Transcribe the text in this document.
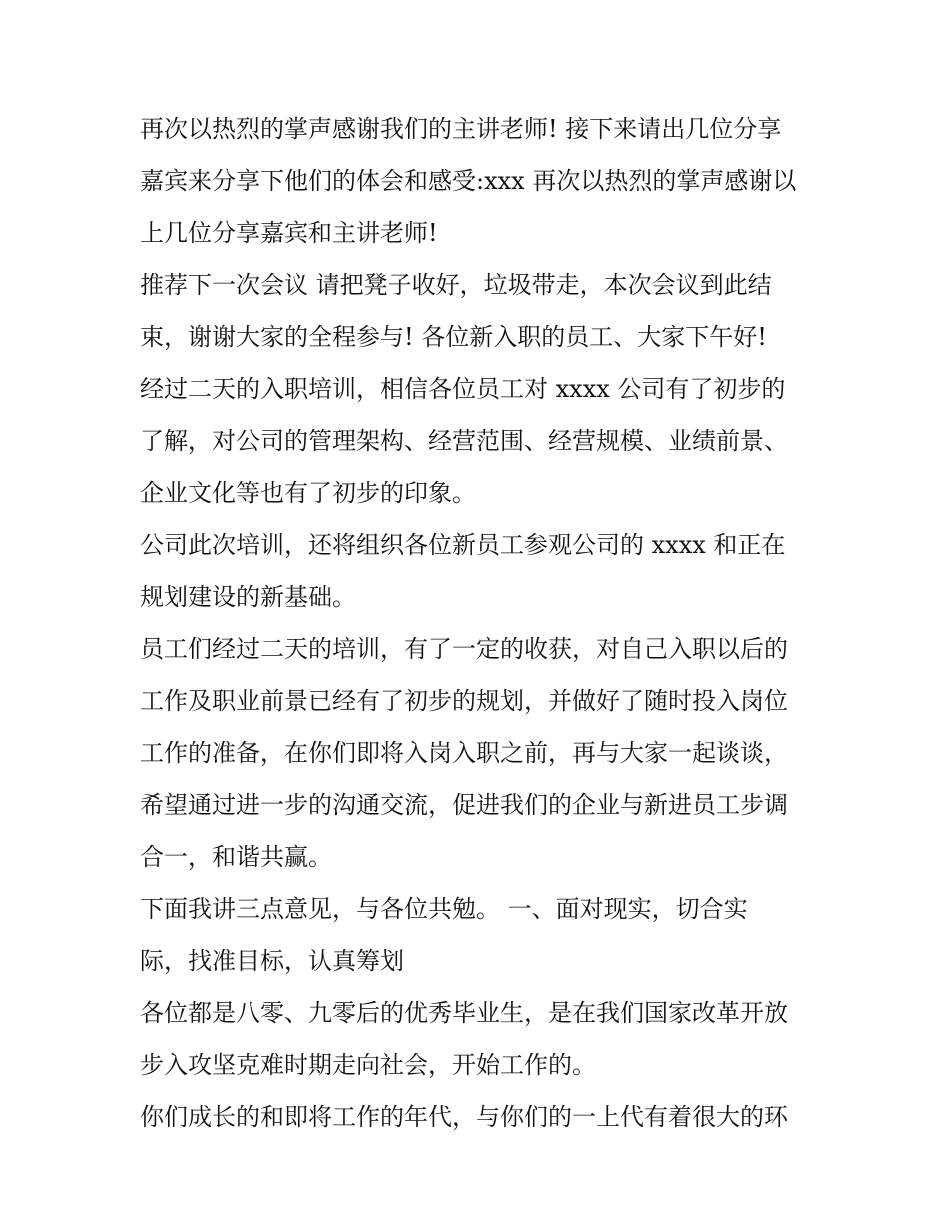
再次以热烈的掌声感谢我们的主讲老师! 接下来请出几位分享
嘉宾来分享下他们的体会和感受:xxx 再次以热烈的掌声感谢以
上几位分享嘉宾和主讲老师!
推荐下一次会议 请把凳子收好，垃圾带走，本次会议到此结
束，谢谢大家的全程参与! 各位新入职的员工、大家下午好!
经过二天的入职培训，相信各位员工对 xxxx 公司有了初步的
了解，对公司的管理架构、经营范围、经营规模、业绩前景、
企业文化等也有了初步的印象。
公司此次培训，还将组织各位新员工参观公司的 xxxx 和正在
规划建设的新基础。
员工们经过二天的培训，有了一定的收获，对自己入职以后的
工作及职业前景已经有了初步的规划，并做好了随时投入岗位
工作的准备，在你们即将入岗入职之前，再与大家一起谈谈，
希望通过进一步的沟通交流，促进我们的企业与新进员工步调
合一，和谐共赢。
下面我讲三点意见，与各位共勉。 一、面对现实，切合实
际，找准目标，认真筹划
各位都是八零、九零后的优秀毕业生，是在我们国家改革开放
步入攻坚克难时期走向社会，开始工作的。
你们成长的和即将工作的年代，与你们的一上代有着很大的环
